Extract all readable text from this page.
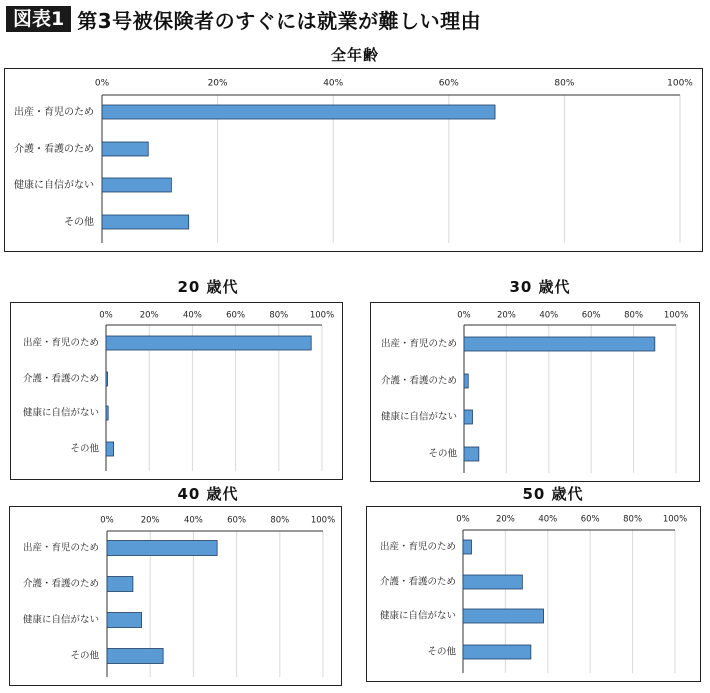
図表1 第3号被保険者のすぐには就業が難しい理由
全年齢
0%	20%	40%	60%	80%	100%
出産・育児のため
介護・看護のため
健康に自信がない
その他
20 歳代
0%	20%	40%	60%	80%	100%
出産・育児のため
介護・看護のため
健康に自信がない
その他
30 歳代
0%	20%	40%	60%	80% 100%
出産・育児のため
介護・看護のため
健康に自信がない
その他
40 歳代
0%	20%	40%	60%	80%	100%
出産・育児のため
介護・看護のため
健康に自信がない
その他
50 歳代
0%	20%	40%	60%	80% 100%
出産・育児のため
介護・看護のため
健康に自信がない
その他
